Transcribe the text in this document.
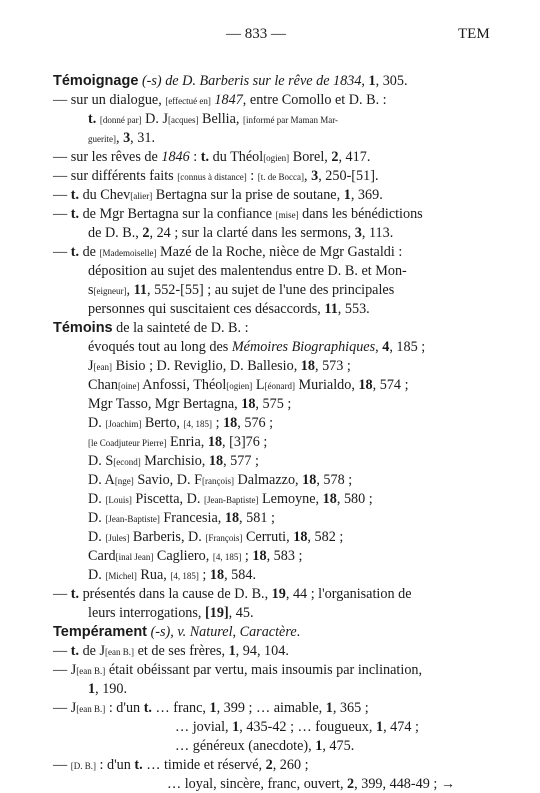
— 833 —	TEM
Témoignage (-s) de D. Barberis sur le rêve de 1834, 1, 305.
— sur un dialogue, [effectué en] 1847, entre Comollo et D. B. :
t. [donné par] D. J[acques] Bellia, [informé par Maman Mar-
guerite], 3, 31.
— sur les rêves de 1846 : t. du Théol[ogien] Borel, 2, 417.
— sur différents faits [connus à distance] : [t. de Bocca], 3, 250-[51].
— t. du Chev[alier] Bertagna sur la prise de soutane, 1, 369.
— t. de Mgr Bertagna sur la confiance [mise] dans les bénédictions
de D. B., 2, 24 ; sur la clarté dans les sermons, 3, 113.
— t. de [Mademoiselle] Mazé de la Roche, nièce de Mgr Gastaldi :
déposition au sujet des malentendus entre D. B. et Mon-
s[eigneur], 11, 552-[55] ; au sujet de l'une des principales
personnes qui suscitaient ces désaccords, 11, 553.
Témoins de la sainteté de D. B. :
évoqués tout au long des Mémoires Biographiques, 4, 185 ;
J[ean] Bisio ; D. Reviglio, D. Ballesio, 18, 573 ;
Chan[oine] Anfossi, Théol[ogien] L[éonard] Murialdo, 18, 574 ;
Mgr Tasso, Mgr Bertagna, 18, 575 ;
D. [Joachim] Berto, [4, 185] ; 18, 576 ;
[le Coadjuteur Pierre] Enria, 18, [3]76 ;
D. S[econd] Marchisio, 18, 577 ;
D. A[nge] Savio, D. F[rançois] Dalmazzo, 18, 578 ;
D. [Louis] Piscetta, D. [Jean-Baptiste] Lemoyne, 18, 580 ;
D. [Jean-Baptiste] Francesia, 18, 581 ;
D. [Jules] Barberis, D. [François] Cerruti, 18, 582 ;
Card[inal Jean] Cagliero, [4, 185] ; 18, 583 ;
D. [Michel] Rua, [4, 185] ; 18, 584.
— t. présentés dans la cause de D. B., 19, 44 ; l'organisation de
leurs interrogations, [19], 45.
Tempérament (-s), v. Naturel, Caractère.
— t. de J[ean B.] et de ses frères, 1, 94, 104.
— J[ean B.] était obéissant par vertu, mais insoumis par inclination,
1, 190.
— J[ean B.] : d'un t. … franc, 1, 399 ; … aimable, 1, 365 ;
… jovial, 1, 435-42 ; … fougueux, 1, 474 ;
… généreux (anecdote), 1, 475.
— [D. B.] : d'un t. … timide et réservé, 2, 260 ;
… loyal, sincère, franc, ouvert, 2, 399, 448-49 ; →
